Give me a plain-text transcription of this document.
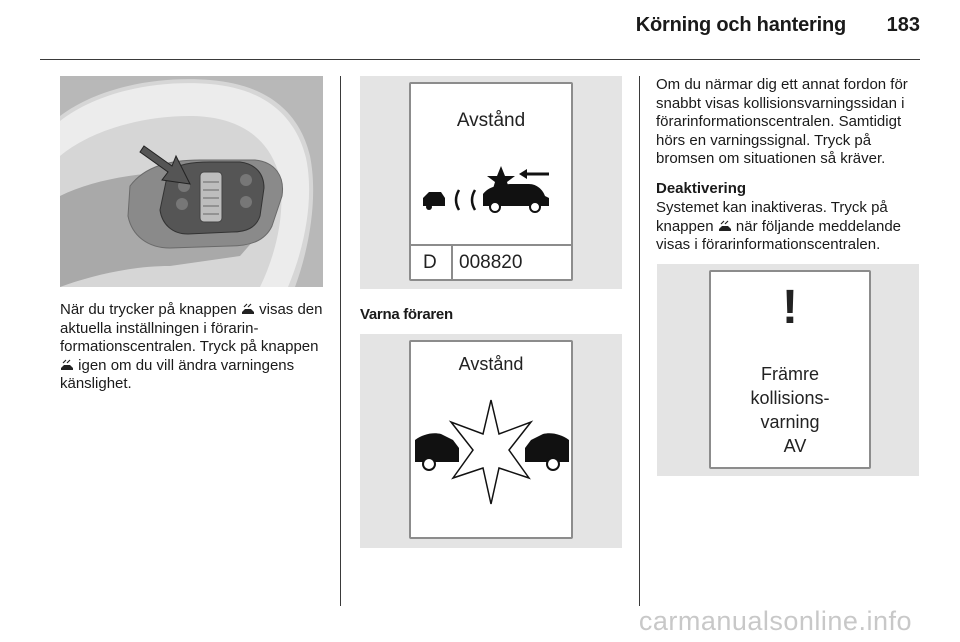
Körning och hantering	183

När du trycker på knappen  visas den aktuella inställningen i förarinformationscentralen. Tryck på knappen  igen om du vill ändra varningens känslighet.

Avstånd
D 008820
Varna föraren
Avstånd

Om du närmar dig ett annat fordon för
snabbt visas kollisionsvarningssidan i
förarinformationscentralen. Samtidigt
hörs en varningssignal. Tryck på
bromsen om situationen så kräver.

Deaktivering

Systemet kan inaktiveras. Tryck på knappen  när följande meddelande visas i förarinformationscentralen.

!
Främre
kollisions-
varning
AV
carmanualsonline.info
